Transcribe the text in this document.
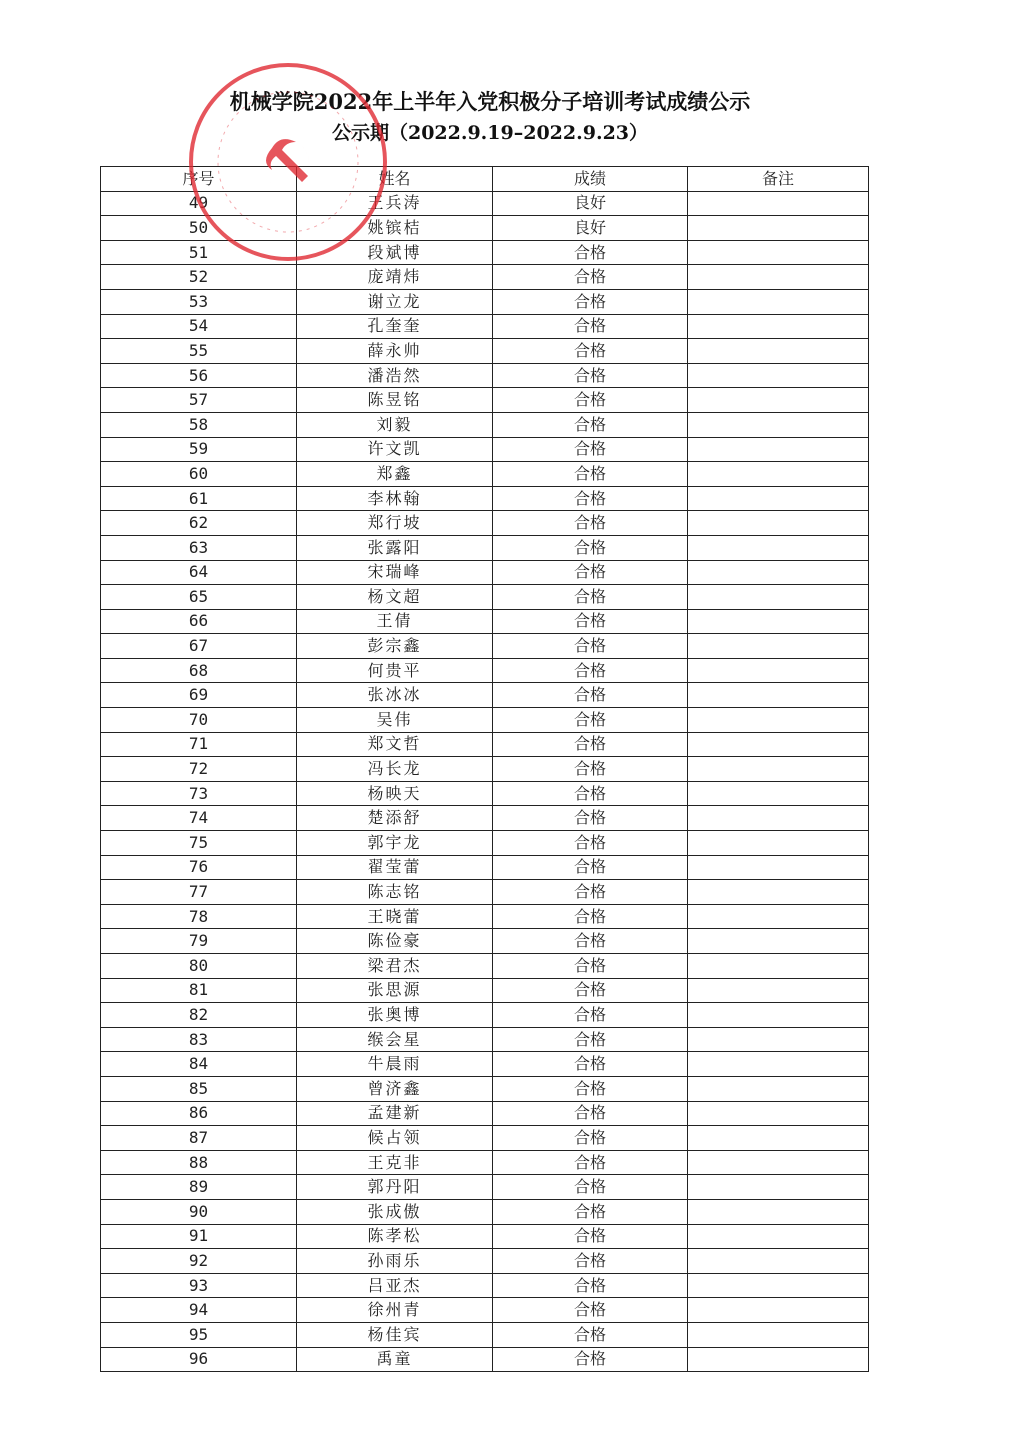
机械学院2022年上半年入党积极分子培训考试成绩公示
公示期（2022.9.19–2022.9.23）
序号	姓名	成绩	备注
49	王兵涛	良好	
50	姚镔桔	良好	
51	段斌博	合格	
52	庞靖炜	合格	
53	谢立龙	合格	
54	孔奎奎	合格	
55	薛永帅	合格	
56	潘浩然	合格	
57	陈昱铭	合格	
58	刘毅	合格	
59	许文凯	合格	
60	郑鑫	合格	
61	李林翰	合格	
62	郑行坡	合格	
63	张露阳	合格	
64	宋瑞峰	合格	
65	杨文超	合格	
66	王倩	合格	
67	彭宗鑫	合格	
68	何贵平	合格	
69	张冰冰	合格	
70	吴伟	合格	
71	郑文哲	合格	
72	冯长龙	合格	
73	杨映天	合格	
74	楚添舒	合格	
75	郭宇龙	合格	
76	翟莹蕾	合格	
77	陈志铭	合格	
78	王晓蕾	合格	
79	陈俭豪	合格	
80	梁君杰	合格	
81	张思源	合格	
82	张奥博	合格	
83	缑会星	合格	
84	牛晨雨	合格	
85	曾济鑫	合格	
86	孟建新	合格	
87	候占领	合格	
88	王克非	合格	
89	郭丹阳	合格	
90	张成傲	合格	
91	陈孝松	合格	
92	孙雨乐	合格	
93	吕亚杰	合格	
94	徐州青	合格	
95	杨佳宾	合格	
96	禹童	合格	
